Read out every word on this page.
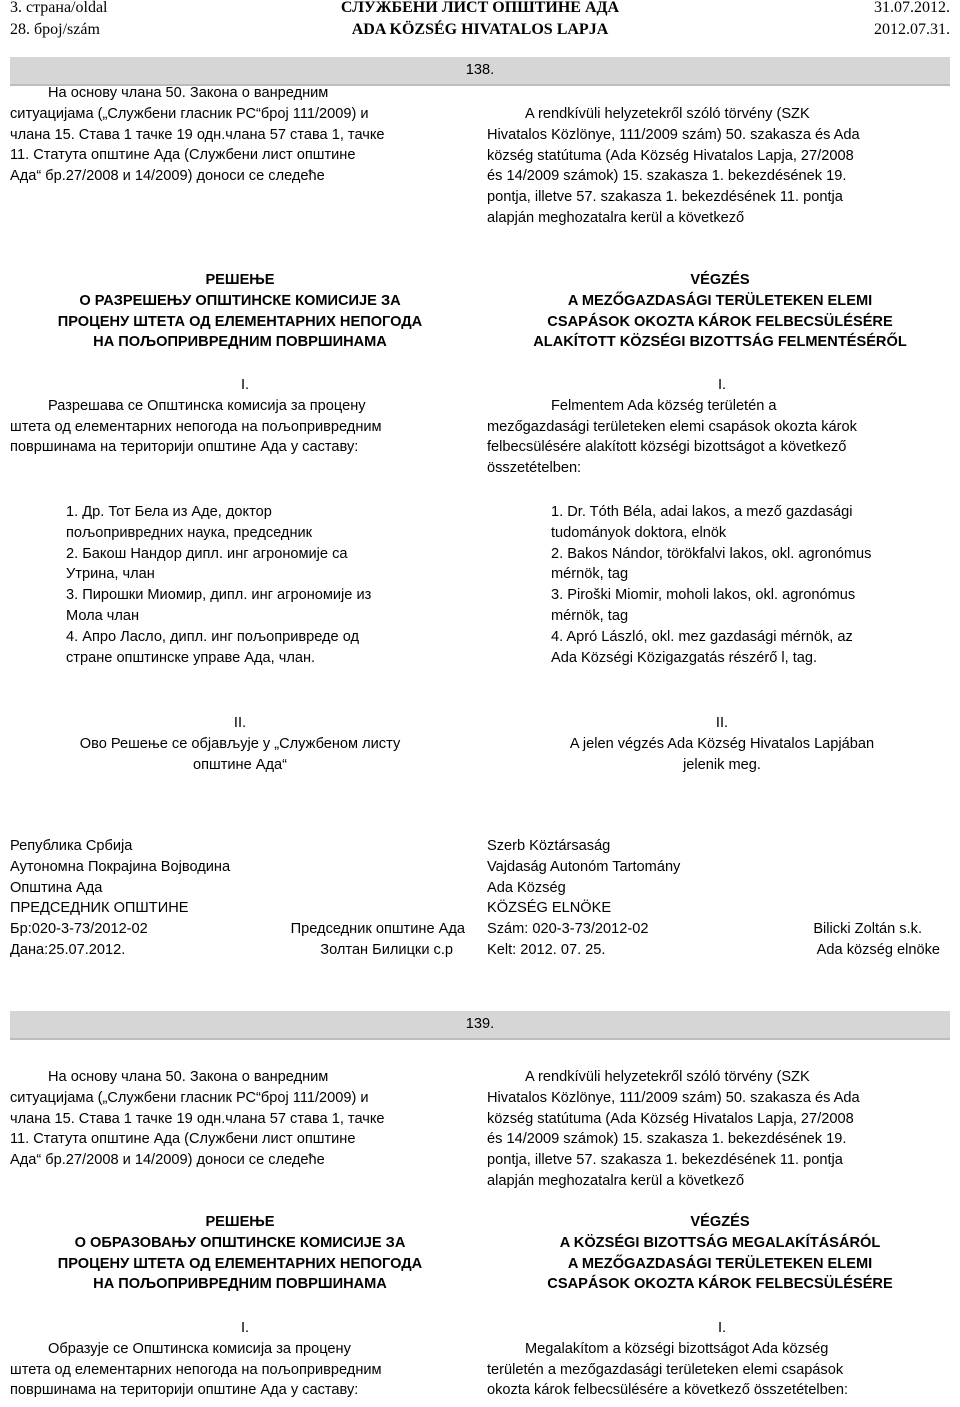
3. страна/oldal
28. број/szám
СЛУЖБЕНИ ЛИСТ ОПШТИНЕ АДА
ADA KÖZSÉG HIVATALOS LAPJA
31.07.2012.
2012.07.31.
138.

На основу члана 50. Закона о ванредним

ситуацијама („Службени гласник РС“број 111/2009) и

члана 15. Става 1 тачке 19 одн.члана 57 става 1, тачке

11. Статута општине Ада (Службени лист општине

Ада“ бр.27/2008 и 14/2009) доноси се следеће

РЕШЕЊЕ

О РАЗРЕШЕЊУ ОПШТИНСКЕ КОМИСИЈЕ ЗА

ПРОЦЕНУ ШТЕТА ОД ЕЛЕМЕНТАРНИХ НЕПОГОДА

НА ПОЉОПРИВРЕДНИМ ПОВРШИНАМА

I.

Разрешава се Општинска комисија за процену

штета од елементарних непогода на пољопривредним

површинама на територији општине Ада у саставу:

1. Др. Тот Бела из Аде, доктор

пољопривредних наука, председник

2. Бакош Нандор дипл. инг агрономије са

Утрина, члан

3. Пирошки Миомир, дипл. инг агрономије из

Мола члан

4. Апро Ласло, дипл. инг пољопривреде од

стране општинске управе Ада, члан.

II.

Ово Решење се објављује у „Службеном листу

општине Ада“

Република Србија

Аутономна Покрајина Војводина

Општина Ада

ПРЕДСЕДНИК ОПШТИНЕ

Бр:020-3-73/2012-02	Председник општине Ада
Дана:25.07.2012.	Золтан Билицки с.р

A rendkívüli helyzetekről szóló törvény (SZK

Hivatalos Közlönye, 111/2009 szám) 50. szakasza és Ada

község statútuma (Ada Község Hivatalos Lapja, 27/2008

és 14/2009 számok) 15. szakasza 1. bekezdésének 19.

pontja, illetve 57. szakasza 1. bekezdésének 11. pontja

alapján meghozatalra kerül a következő

VÉGZÉS

A MEZŐGAZDASÁGI TERÜLETEKEN ELEMI

CSAPÁSOK OKOZTA KÁROK FELBECSÜLÉSÉRE

ALAKÍTOTT KÖZSÉGI BIZOTTSÁG FELMENTÉSÉRŐL

I.

Felmentem Ada község területén a

mezőgazdasági területeken elemi csapások okozta károk

felbecsülésére alakított községi bizottságot a következő

összetételben:

1. Dr. Tóth Béla, adai lakos, a mező gazdasági

tudományok doktora, elnök

2. Bakos Nándor, törökfalvi lakos, okl. agronómus

mérnök, tag

3. Piroški Miomir, moholi lakos, okl. agronómus

mérnök, tag

4. Apró László, okl. mez gazdasági mérnök, az

Ada Községi Közigazgatás részérő l, tag.

II.

A jelen végzés Ada Község Hivatalos Lapjában

jelenik meg.

Szerb Köztársaság

Vajdaság Autonóm Tartomány

Ada Község

KÖZSÉG ELNÖKE

Szám: 020-3-73/2012-02	Bilicki Zoltán s.k.
Kelt: 2012. 07. 25.	Ada község elnöke
139.

На основу члана 50. Закона о ванредним

ситуацијама („Службени гласник РС“број 111/2009) и

члана 15. Става 1 тачке 19 одн.члана 57 става 1, тачке

11. Статута општине Ада (Службени лист општине

Ада“ бр.27/2008 и 14/2009) доноси се следеће

РЕШЕЊЕ

О ОБРАЗОВАЊУ ОПШТИНСКЕ КОМИСИЈЕ ЗА

ПРОЦЕНУ ШТЕТА ОД ЕЛЕМЕНТАРНИХ НЕПОГОДА

НА ПОЉОПРИВРЕДНИМ ПОВРШИНАМА

I.

Образује се Општинска комисија за процену

штета од елементарних непогода на пољопривредним

површинама на територији општине Ада у саставу:

A rendkívüli helyzetekről szóló törvény (SZK

Hivatalos Közlönye, 111/2009 szám) 50. szakasza és Ada

község statútuma (Ada Község Hivatalos Lapja, 27/2008

és 14/2009 számok) 15. szakasza 1. bekezdésének 19.

pontja, illetve 57. szakasza 1. bekezdésének 11. pontja

alapján meghozatalra kerül a következő

VÉGZÉS

A KÖZSÉGI BIZOTTSÁG MEGALAKÍTÁSÁRÓL

A MEZŐGAZDASÁGI TERÜLETEKEN ELEMI

CSAPÁSOK OKOZTA KÁROK FELBECSÜLÉSÉRE

I.

Megalakítom a községi bizottságot Ada község

területén a mezőgazdasági területeken elemi csapások

okozta károk felbecsülésére a következő összetételben:
